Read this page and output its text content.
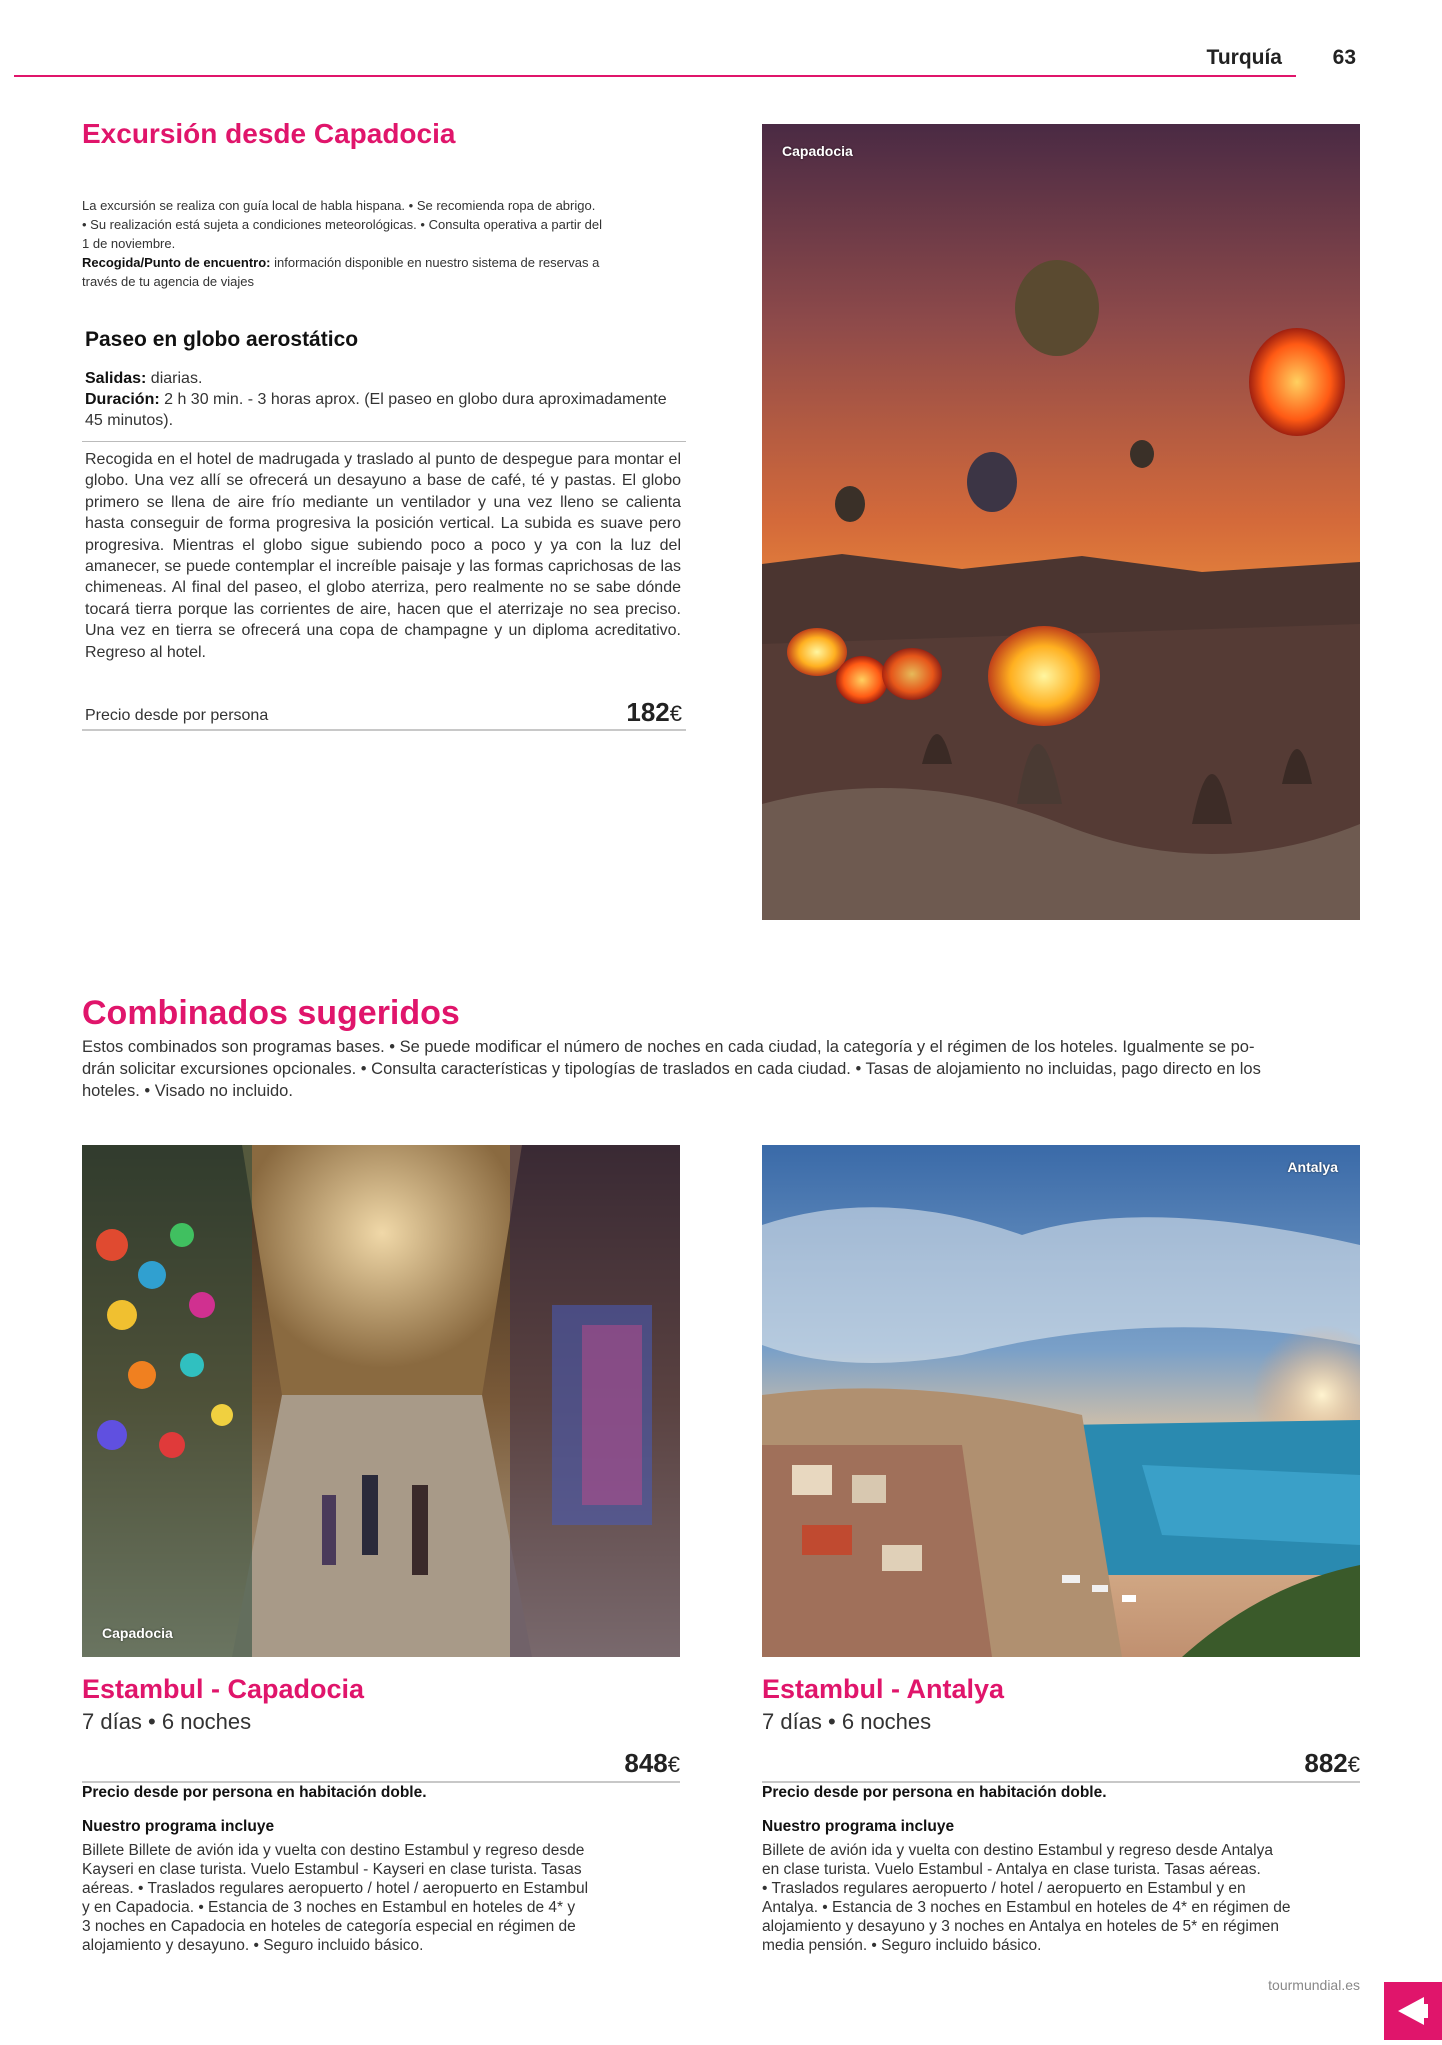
Turquía 63
Excursión desde Capadocia
La excursión se realiza con guía local de habla hispana. • Se recomienda ropa de abrigo.
• Su realización está sujeta a condiciones meteorológicas. • Consulta operativa a partir del
1 de noviembre.
Recogida/Punto de encuentro: información disponible en nuestro sistema de reservas a
través de tu agencia de viajes
Paseo en globo aerostático
Salidas: diarias.
Duración: 2 h 30 min. - 3 horas aprox. (El paseo en globo dura aproximadamente 45 minutos).
Recogida en el hotel de madrugada y traslado al punto de despegue para montar el globo. Una vez allí se ofrecerá un desayuno a base de café, té y pastas. El globo primero se llena de aire frío mediante un ventilador y una vez lleno se calienta hasta conseguir de forma progresiva la posición vertical. La subida es suave pero progresiva. Mientras el globo sigue subiendo poco a poco y ya con la luz del amanecer, se puede contemplar el increíble paisaje y las formas caprichosas de las chimeneas. Al final del paseo, el globo aterriza, pero realmente no se sabe dónde tocará tierra porque las corrientes de aire, hacen que el aterrizaje no sea preciso. Una vez en tierra se ofrecerá una copa de champagne y un diploma acreditativo. Regreso al hotel.
Precio desde por persona	182€
Capadocia
Combinados sugeridos
Estos combinados son programas bases. • Se puede modificar el número de noches en cada ciudad, la categoría y el régimen de los hoteles. Igualmente se po-
drán solicitar excursiones opcionales. • Consulta características y tipologías de traslados en cada ciudad. • Tasas de alojamiento no incluidas, pago directo en los
hoteles. • Visado no incluido.
Capadocia
Estambul - Capadocia
7 días • 6 noches
848€
Precio desde por persona en habitación doble.
Nuestro programa incluye
Billete Billete de avión ida y vuelta con destino Estambul y regreso desde
Kayseri en clase turista. Vuelo Estambul - Kayseri en clase turista. Tasas
aéreas. • Traslados regulares aeropuerto / hotel / aeropuerto en Estambul
y en Capadocia. • Estancia de 3 noches en Estambul en hoteles de 4* y
3 noches en Capadocia en hoteles de categoría especial en régimen de
alojamiento y desayuno. • Seguro incluido básico.
Antalya
Estambul - Antalya
7 días • 6 noches
882€
Precio desde por persona en habitación doble.
Nuestro programa incluye
Billete de avión ida y vuelta con destino Estambul y regreso desde Antalya
en clase turista. Vuelo Estambul - Antalya en clase turista. Tasas aéreas.
• Traslados regulares aeropuerto / hotel / aeropuerto en Estambul y en
Antalya. • Estancia de 3 noches en Estambul en hoteles de 4* en régimen de
alojamiento y desayuno y 3 noches en Antalya en hoteles de 5* en régimen
media pensión. • Seguro incluido básico.
tourmundial.es
